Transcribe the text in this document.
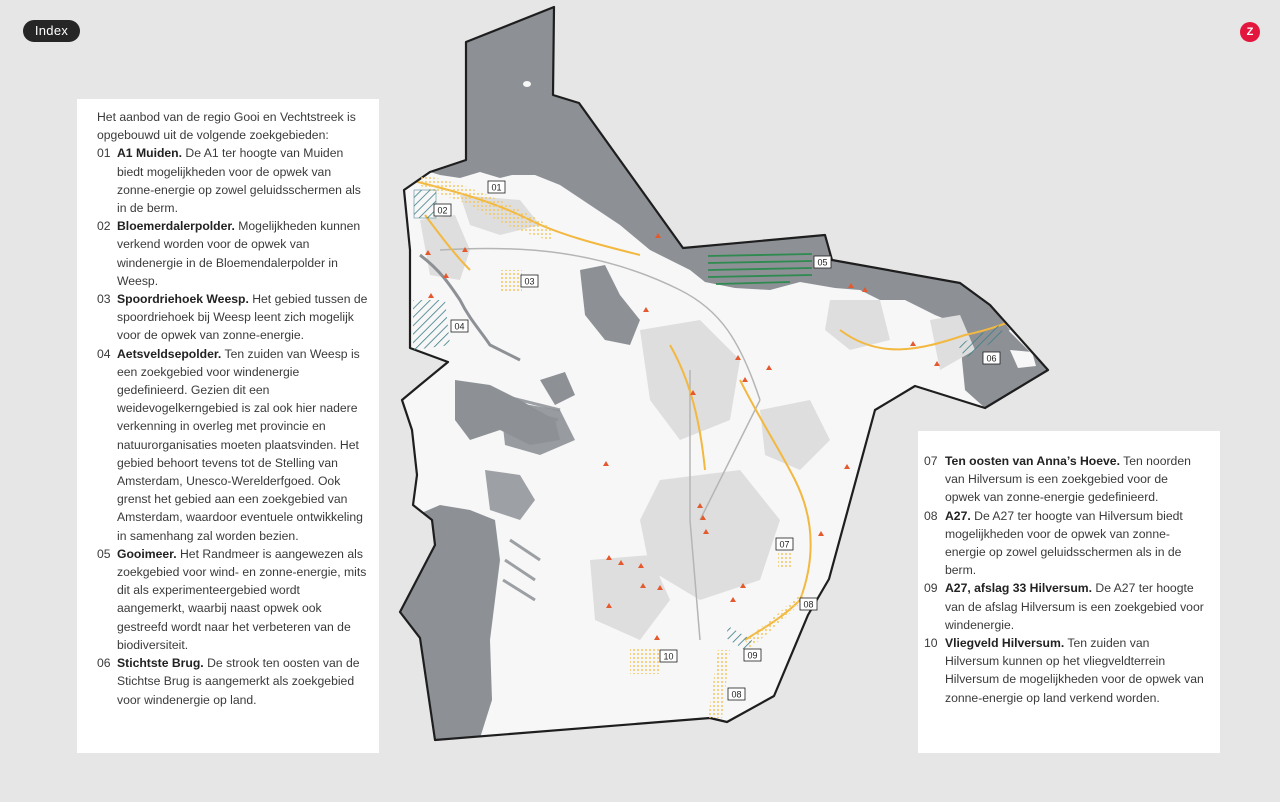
01
02
03
04
05
06
07
08
09
10
08
Index	Z

Het aanbod van de regio Gooi en Vechtstreek is opgebouwd uit de volgende zoekgebieden:

01 A1 Muiden. De A1 ter hoogte van Muiden biedt mogelijkheden voor de opwek van zonne-energie op zowel geluidsschermen als in de berm.
02 Bloemerdalerpolder. Mogelijkheden kunnen verkend worden voor de opwek van windenergie in de Bloemendalerpolder in Weesp.
03 Spoordriehoek Weesp. Het gebied tussen de spoordriehoek bij Weesp leent zich mogelijk voor de opwek van zonne-energie.
04 Aetsveldsepolder. Ten zuiden van Weesp is een zoekgebied voor windenergie gedefinieerd. Gezien dit een weidevogelkerngebied is zal ook hier nadere verkenning in overleg met provincie en natuurorganisaties moeten plaatsvinden. Het gebied behoort tevens tot de Stelling van Amsterdam, Unesco-Werelderfgoed. Ook grenst het gebied aan een zoekgebied van Amsterdam, waardoor eventuele ontwikkeling in samenhang zal worden bezien.
05 Gooimeer. Het Randmeer is aangewezen als zoekgebied voor wind- en zonne-energie, mits dit als experimenteergebied wordt aangemerkt, waarbij naast opwek ook gestreefd wordt naar het verbeteren van de biodiversiteit.
06 Stichtste Brug. De strook ten oosten van de Stichtse Brug is aangemerkt als zoekgebied voor windenergie op land.
07 Ten oosten van Anna’s Hoeve. Ten noorden van Hilversum is een zoekgebied voor de opwek van zonne-energie gedefinieerd.
08 A27. De A27 ter hoogte van Hilversum biedt mogelijkheden voor de opwek van zonne-energie op zowel geluidsschermen als in de berm.
09 A27, afslag 33 Hilversum. De A27 ter hoogte van de afslag Hilversum is een zoekgebied voor windenergie.
10 Vliegveld Hilversum. Ten zuiden van Hilversum kunnen op het vliegveldterrein Hilversum de mogelijkheden voor de opwek van zonne-energie op land verkend worden.
